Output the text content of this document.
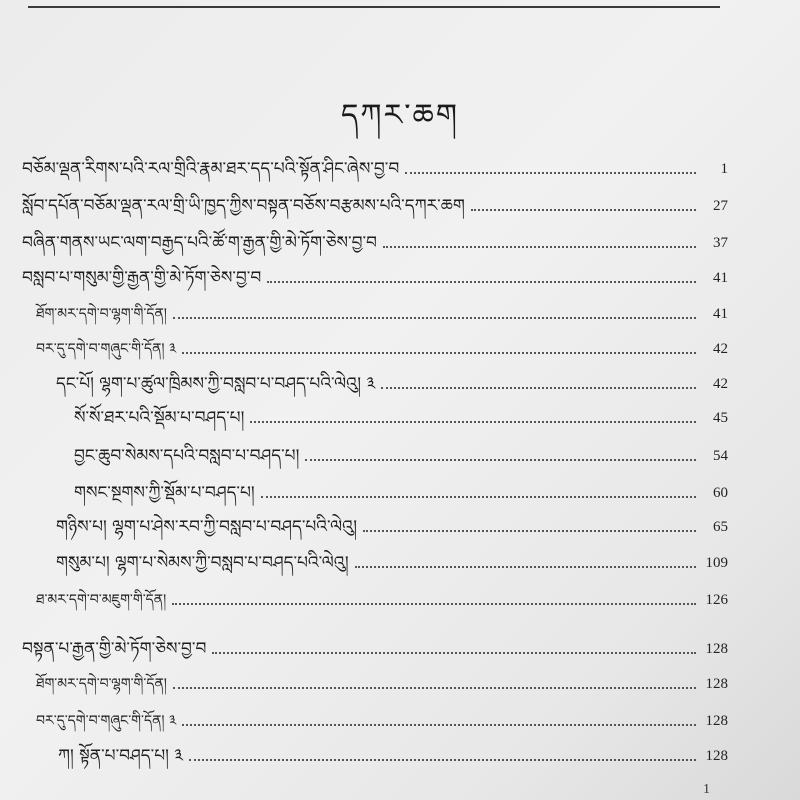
དཀར་ཆག
བཅོམ་ལྡན་རིགས་པའི་རལ་གྲིའི་རྣམ་ཐར་དད་པའི་སྟོན་ཤིང་ཞེས་བྱ་བ	1
སློབ་དཔོན་བཅོམ་ལྡན་རལ་གྲི་ཡི་ཁྱད་ཀྱིས་བསྟན་བཅོས་བརྩམས་པའི་དཀར་ཆག	27
བཞིན་གནས་ཡང་ལག་བརྒྱད་པའི་ཚོ་ག་རྒྱན་གྱི་མེ་ཏོག་ཅེས་བྱ་བ	37
བསླབ་པ་གསུམ་གྱི་རྒྱན་གྱི་མེ་ཏོག་ཅེས་བྱ་བ	41
ཐོག་མར་དགེ་བ་ལྷག་གི་དོན།	41
བར་དུ་དགེ་བ་གཞུང་གི་དོན། ༣	42
དང་པོ། ལྷག་པ་ཚུལ་ཁྲིམས་ཀྱི་བསླབ་པ་བཤད་པའི་ལེའུ། ༣	42
སོ་སོ་ཐར་པའི་སྡོམ་པ་བཤད་པ།	45
བྱང་ཆུབ་སེམས་དཔའི་བསླབ་པ་བཤད་པ།	54
གསང་སྔགས་ཀྱི་སྡོམ་པ་བཤད་པ།	60
གཉིས་པ། ལྷག་པ་ཤེས་རབ་ཀྱི་བསླབ་པ་བཤད་པའི་ལེའུ།	65
གསུམ་པ། ལྷག་པ་སེམས་ཀྱི་བསླབ་པ་བཤད་པའི་ལེའུ།	109
ཐ་མར་དགེ་བ་མཇུག་གི་དོན།	126
བསྟན་པ་རྒྱན་གྱི་མེ་ཏོག་ཅེས་བྱ་བ	128
ཐོག་མར་དགེ་བ་ལྷག་གི་དོན།	128
བར་དུ་དགེ་བ་གཞུང་གི་དོན། ༣	128
ཀ། སྟོན་པ་བཤད་པ། ༣	128
1
